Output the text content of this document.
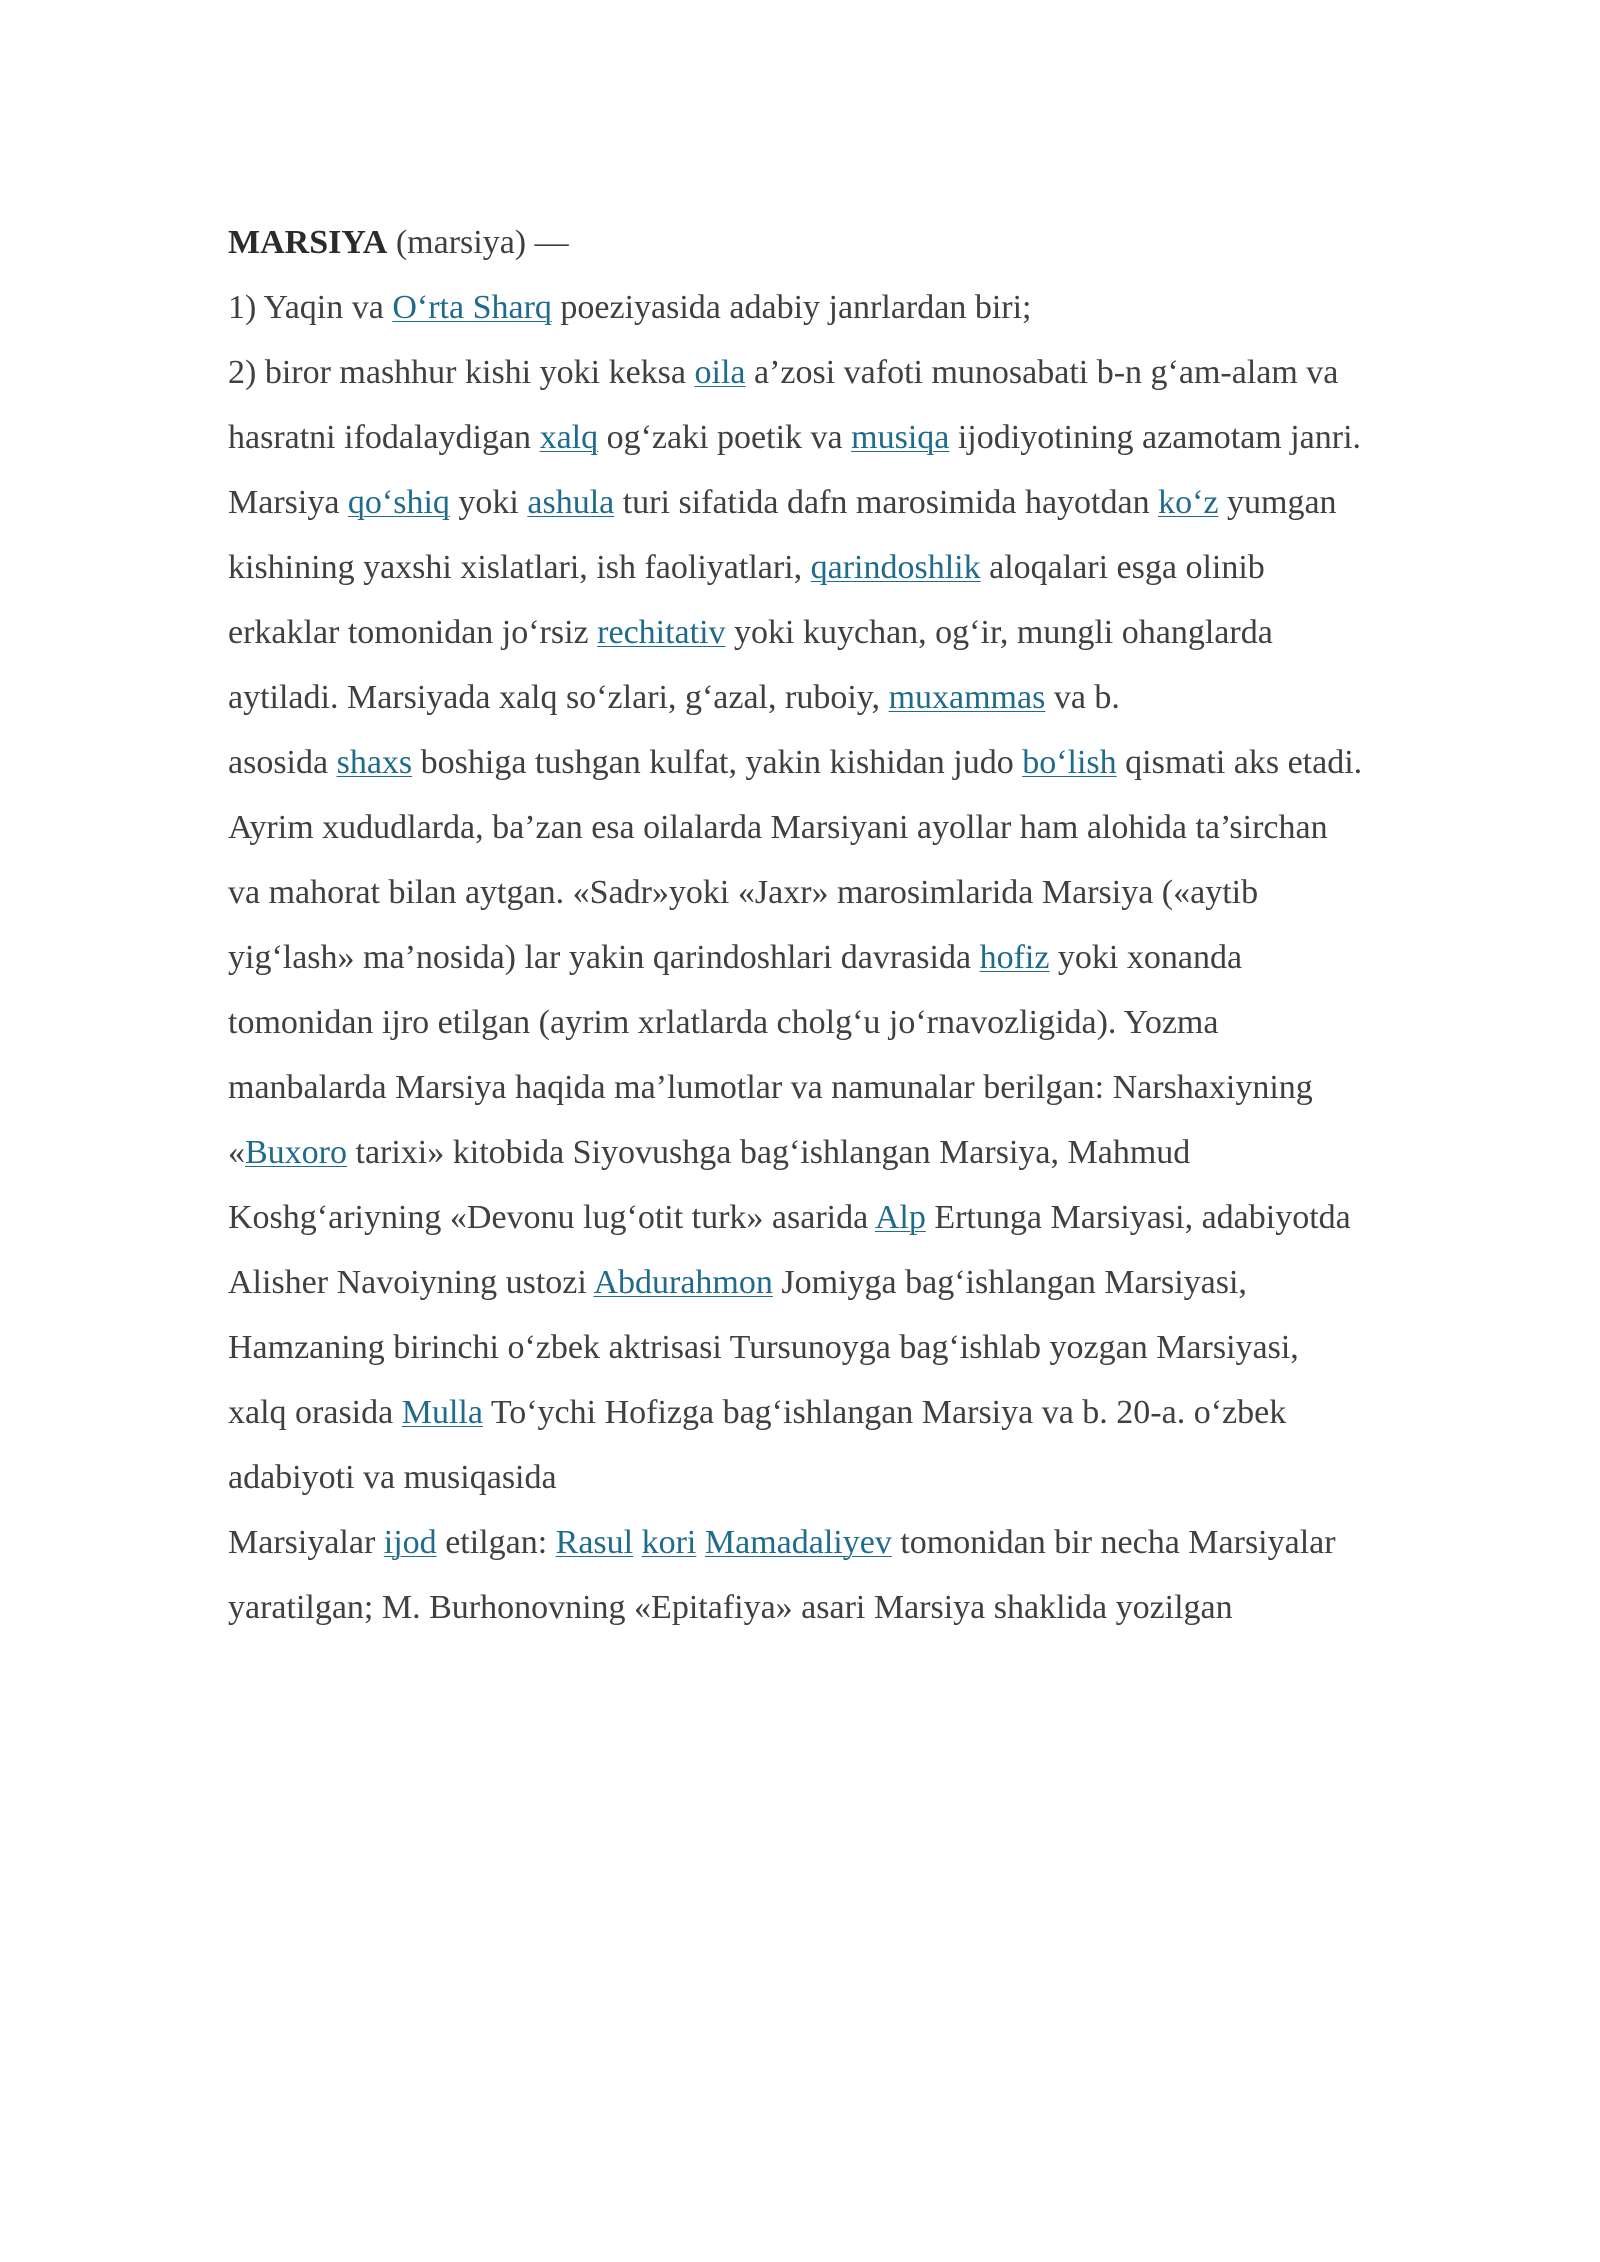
MARSIYA (marsiya) —
1) Yaqin va O‘rta Sharq poeziyasida adabiy janrlardan biri;
2) biror mashhur kishi yoki keksa oila a’zosi vafoti munosabati b-n g‘am-alam va
hasratni ifodalaydigan xalq og‘zaki poetik va musiqa ijodiyotining azamotam janri.
Marsiya qo‘shiq yoki ashula turi sifatida dafn marosimida hayotdan ko‘z yumgan
kishining yaxshi xislatlari, ish faoliyatlari, qarindoshlik aloqalari esga olinib
erkaklar tomonidan jo‘rsiz rechitativ yoki kuychan, og‘ir, mungli ohanglarda
aytiladi. Marsiyada xalq so‘zlari, g‘azal, ruboiy, muxammas va b.
asosida shaxs boshiga tushgan kulfat, yakin kishidan judo bo‘lish qismati aks etadi.
Ayrim xududlarda, ba’zan esa oilalarda Marsiyani ayollar ham alohida ta’sirchan
va mahorat bilan aytgan. «Sadr»yoki «Jaxr» marosimlarida Marsiya («aytib
yig‘lash» ma’nosida) lar yakin qarindoshlari davrasida hofiz yoki xonanda
tomonidan ijro etilgan (ayrim xrlatlarda cholg‘u jo‘rnavozligida). Yozma
manbalarda Marsiya haqida ma’lumotlar va namunalar berilgan: Narshaxiyning
«Buxoro tarixi» kitobida Siyovushga bag‘ishlangan Marsiya, Mahmud
Koshg‘ariyning «Devonu lug‘otit turk» asarida Alp Ertunga Marsiyasi, adabiyotda
Alisher Navoiyning ustozi Abdurahmon Jomiyga bag‘ishlangan Marsiyasi,
Hamzaning birinchi o‘zbek aktrisasi Tursunoyga bag‘ishlab yozgan Marsiyasi,
xalq orasida Mulla To‘ychi Hofizga bag‘ishlangan Marsiya va b. 20-a. o‘zbek
adabiyoti va musiqasida
Marsiyalar ijod etilgan: Rasul kori Mamadaliyev tomonidan bir necha Marsiyalar
yaratilgan; M. Burhonovning «Epitafiya» asari Marsiya shaklida yozilgan
